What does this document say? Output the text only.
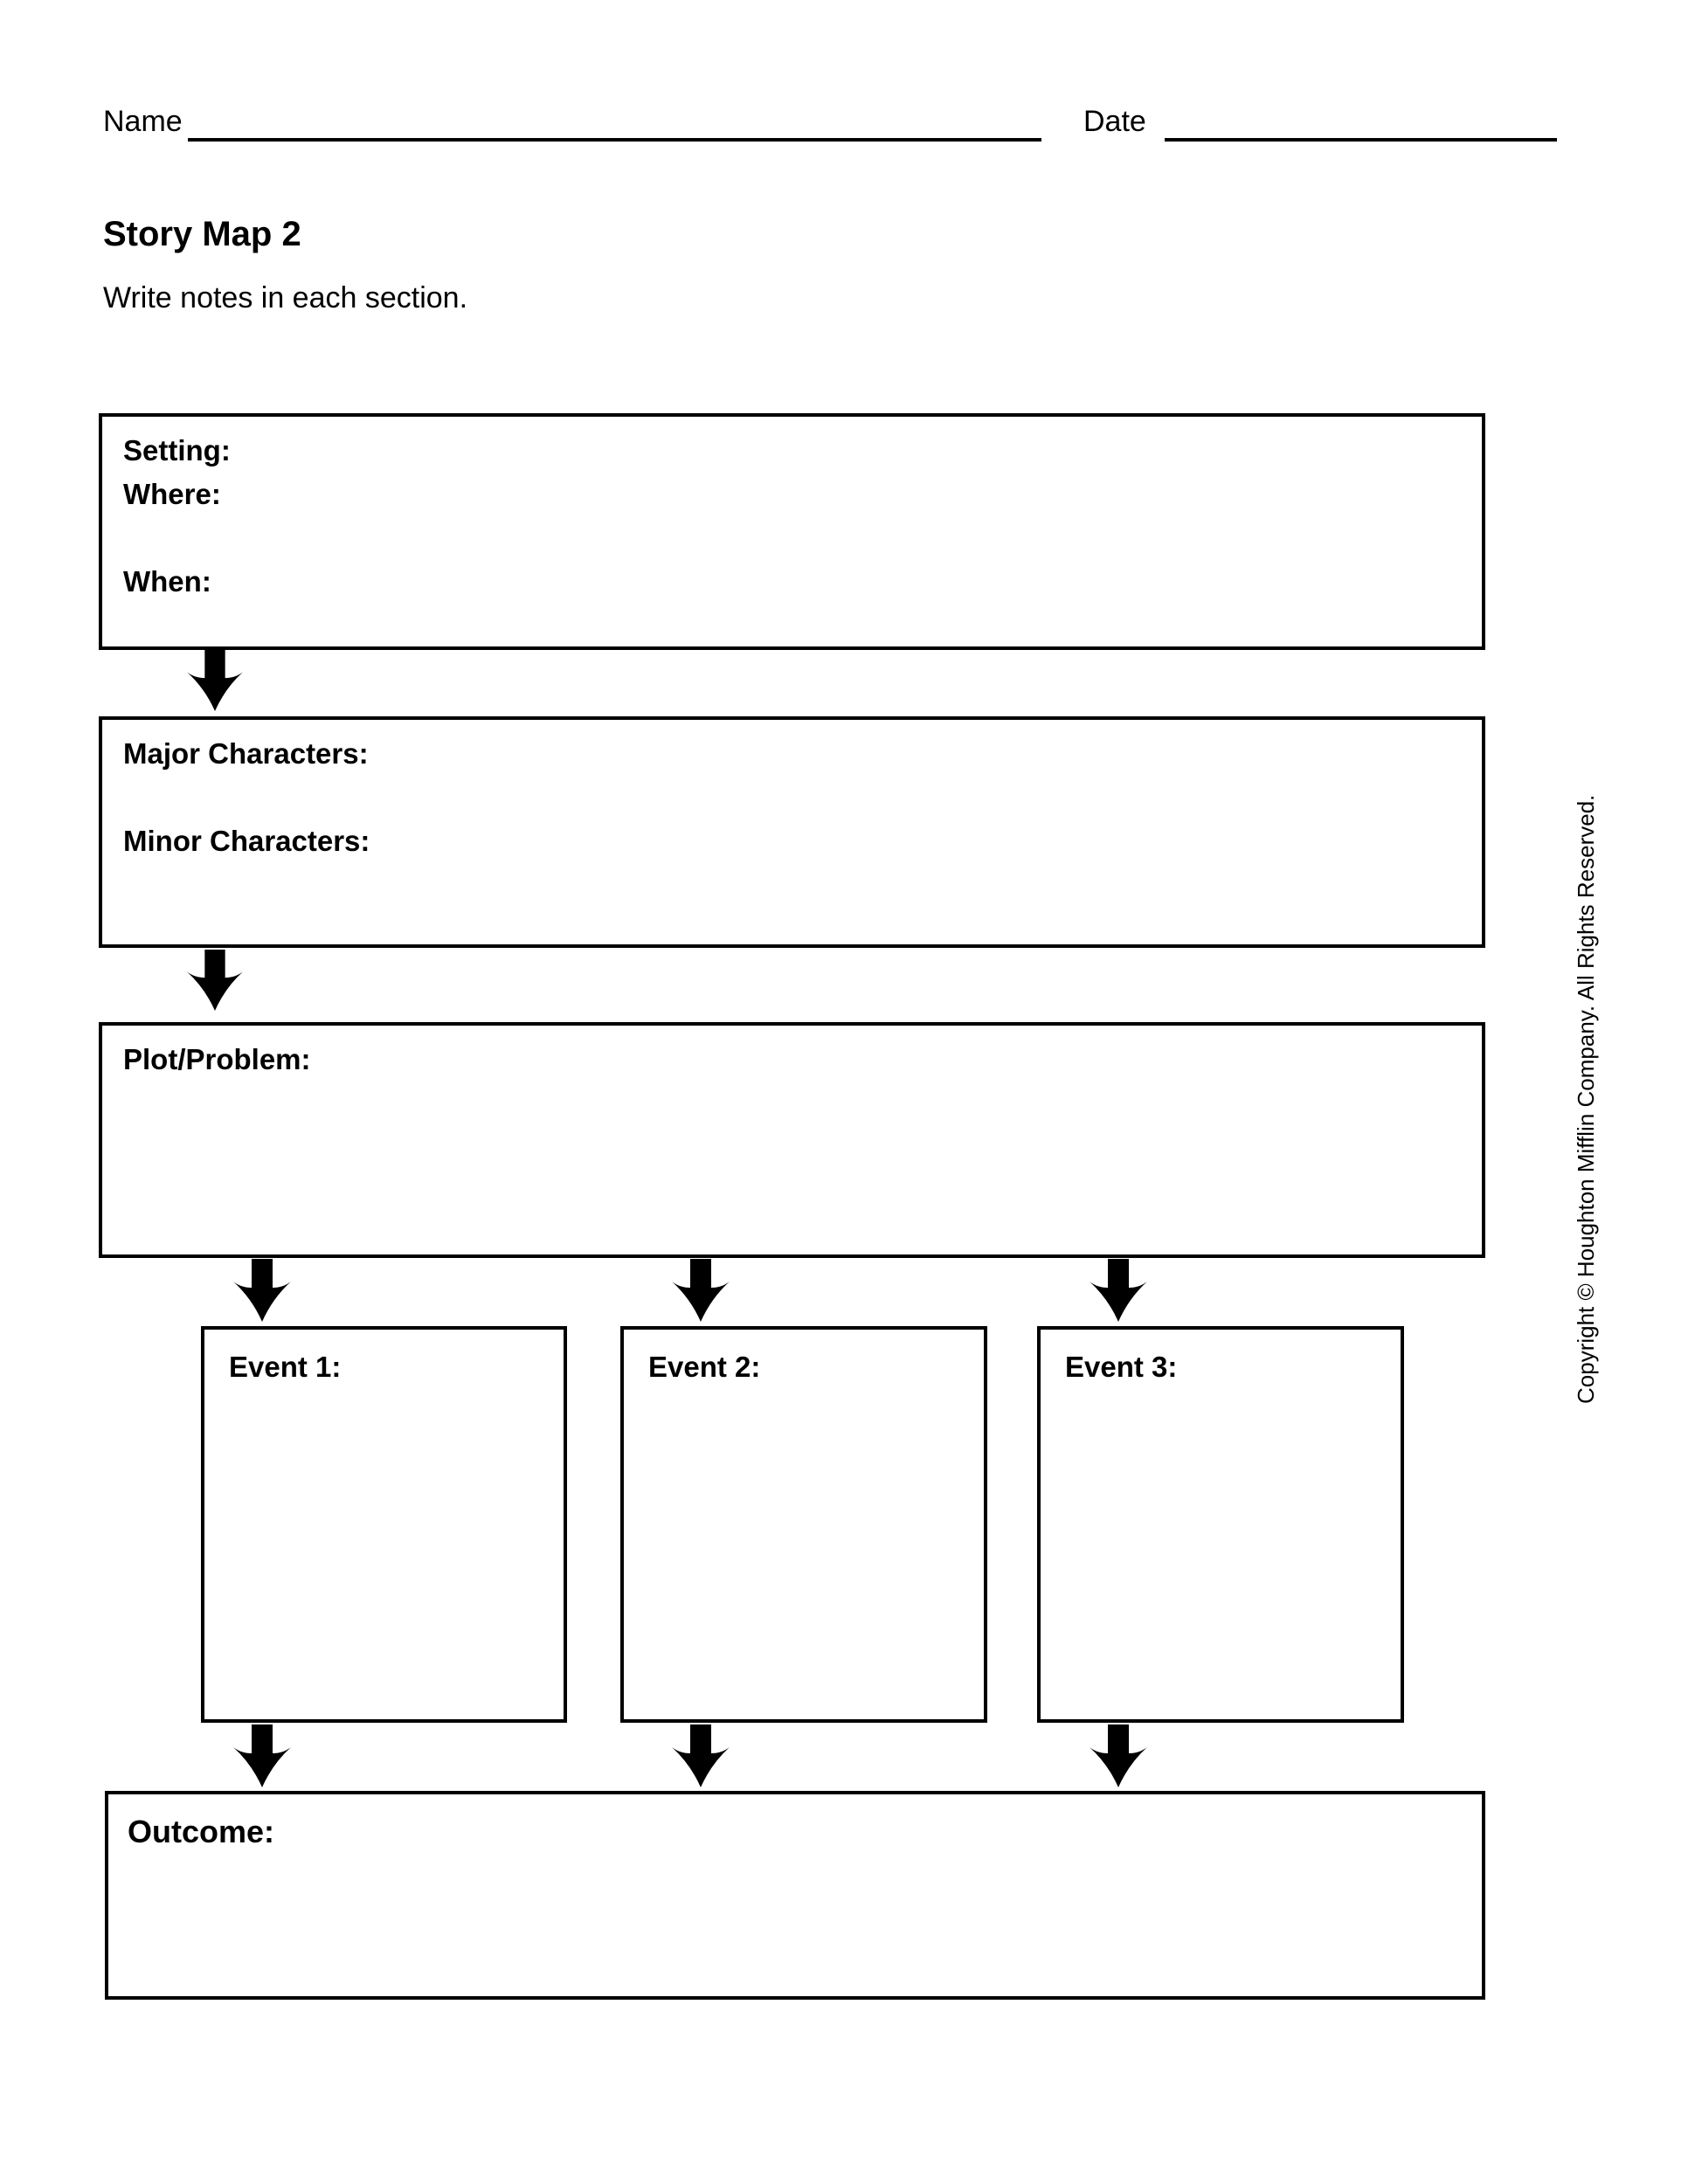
Name	Date
Story Map 2
Write notes in each section.
Setting:
Where:
When:
Major Characters:
Minor Characters:
Plot/Problem:
Event 1:	Event 2:	Event 3:
Outcome:
Copyright © Houghton Mifflin Company. All Rights Reserved.
